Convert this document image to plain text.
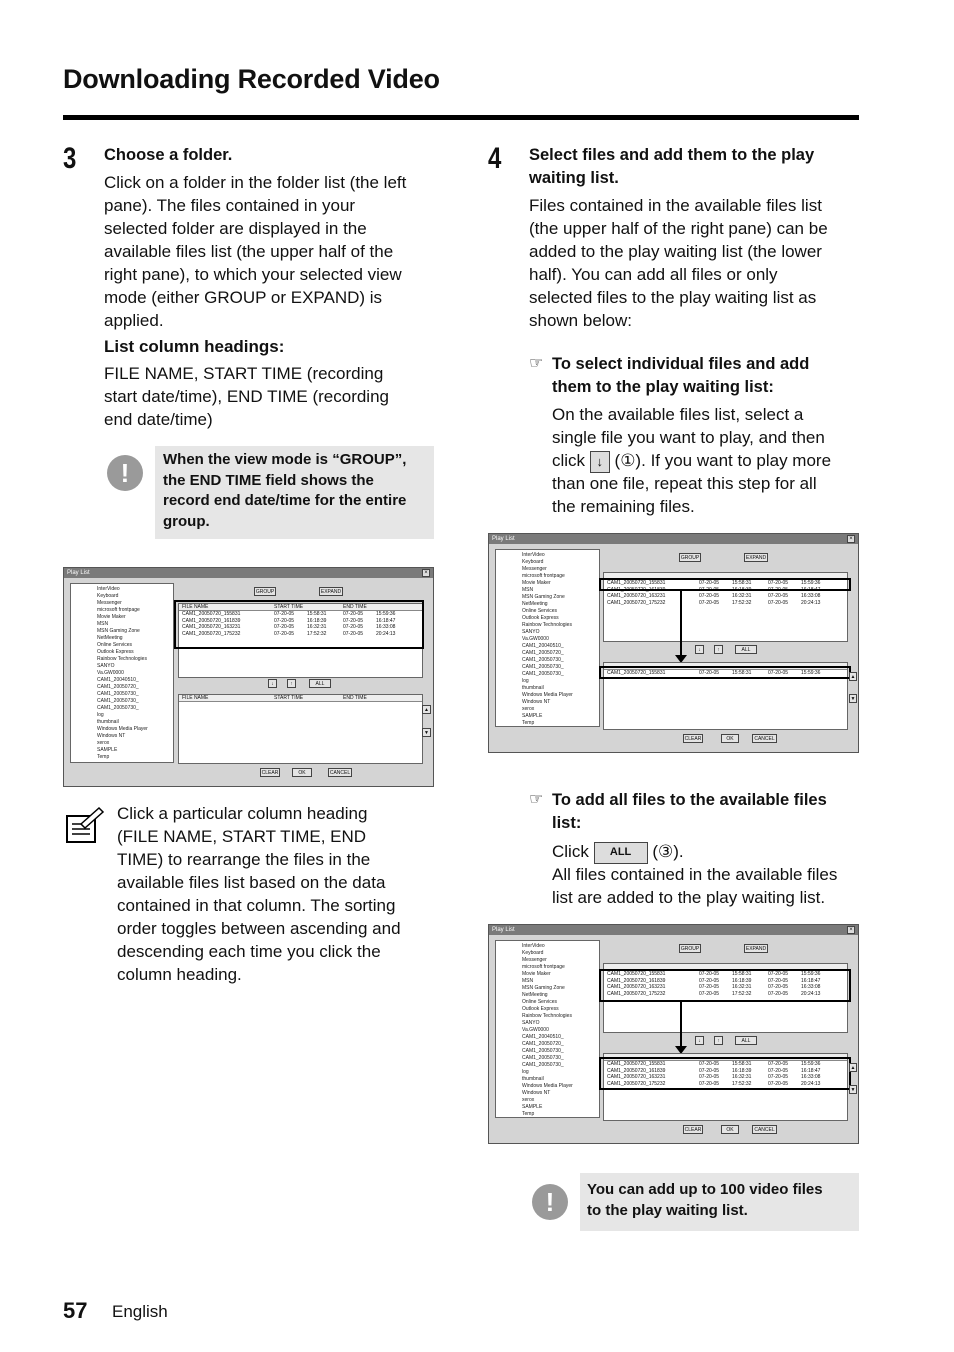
Downloading Recorded Video
3 Choose a folder.
Click on a folder in the folder list (the left
pane). The files contained in your
selected folder are displayed in the
available files list (the upper half of the
right pane), to which your selected view
mode (either GROUP or EXPAND) is
applied.
List column headings:
FILE NAME, START TIME (recording
start date/time), END TIME (recording
end date/time)
!	When the view mode is “GROUP”,
the END TIME field shows the
record end date/time for the entire
group.
Play List	×
InterVideo
Keyboard
Messenger
microsoft frontpage
Movie Maker
MSN
MSN Gaming Zone
NetMeeting
Online Services
Outlook Express
Rainbow Technologies
SANYO
Va.GW0000
CAM1_20040510_
CAM1_20050720_
CAM1_20050730_
CAM1_20050730_
CAM1_20050730_
log
thumbnail
Windows Media Player
Windows NT
xerox
SAMPLE
Temp
GROUP	EXPAND
FILE NAME	START TIME	END TIME
CAM1_20050720_155831	07-20-05	15:58:31	07-20-05	15:59:36
CAM1_20050720_161839	07-20-05	16:18:39	07-20-05	16:18:47
CAM1_20050720_163231	07-20-05	16:32:31	07-20-05	16:33:08
CAM1_20050720_175232	07-20-05	17:52:32	07-20-05	20:24:13
↓	↑	ALL
FILE NAME	START TIME	END TIME
▲
▼
CLEAR	OK	CANCEL
Click a particular column heading
(FILE NAME, START TIME, END
TIME) to rearrange the files in the
available files list based on the data
contained in that column. The sorting
order toggles between ascending and
descending each time you click the
column heading.
4 Select files and add them to the play
waiting list.
Files contained in the available files list
(the upper half of the right pane) can be
added to the play waiting list (the lower
half). You can add all files or only
selected files to the play waiting list as
shown below:
☞ To select individual files and add
them to the play waiting list:
On the available files list, select a
single file you want to play, and then
click ↓ (①). If you want to play more
than one file, repeat this step for all
the remaining files.
Play List	×
InterVideo
Keyboard
Messenger
microsoft frontpage
Movie Maker
MSN
MSN Gaming Zone
NetMeeting
Online Services
Outlook Express
Rainbow Technologies
SANYO
Va.GW0000
CAM1_20040510_
CAM1_20050720_
CAM1_20050730_
CAM1_20050730_
CAM1_20050730_
log
thumbnail
Windows Media Player
Windows NT
xerox
SAMPLE
Temp
GROUP	EXPAND
CAM1_20050720_155831	07-20-05	15:58:31	07-20-05	15:59:36
CAM1_20050720_161839	07-20-05	16:18:39	07-20-05	16:18:47
CAM1_20050720_163231	07-20-05	16:32:31	07-20-05	16:33:08
CAM1_20050720_175232	07-20-05	17:52:32	07-20-05	20:24:13
↓	↑	ALL
CAM1_20050720_155831	07-20-05	15:58:31	07-20-05	15:59:36
▲
▼
CLEAR	OK	CANCEL
☞ To add all files to the available files
list:
Click ALL (③).
All files contained in the available files
list are added to the play waiting list.
Play List	×
InterVideo
Keyboard
Messenger
microsoft frontpage
Movie Maker
MSN
MSN Gaming Zone
NetMeeting
Online Services
Outlook Express
Rainbow Technologies
SANYO
Va.GW0000
CAM1_20040510_
CAM1_20050720_
CAM1_20050730_
CAM1_20050730_
CAM1_20050730_
log
thumbnail
Windows Media Player
Windows NT
xerox
SAMPLE
Temp
GROUP	EXPAND
CAM1_20050720_155831	07-20-05	15:58:31	07-20-05	15:59:36
CAM1_20050720_161839	07-20-05	16:18:39	07-20-05	16:18:47
CAM1_20050720_163231	07-20-05	16:32:31	07-20-05	16:33:08
CAM1_20050720_175232	07-20-05	17:52:32	07-20-05	20:24:13
↓	↑	ALL
CAM1_20050720_155831	07-20-05	15:58:31	07-20-05	15:59:36
CAM1_20050720_161839	07-20-05	16:18:39	07-20-05	16:18:47
CAM1_20050720_163231	07-20-05	16:32:31	07-20-05	16:33:08
CAM1_20050720_175232	07-20-05	17:52:32	07-20-05	20:24:13
▲
▼
CLEAR	OK	CANCEL
!	You can add up to 100 video files
to the play waiting list.
57 English
